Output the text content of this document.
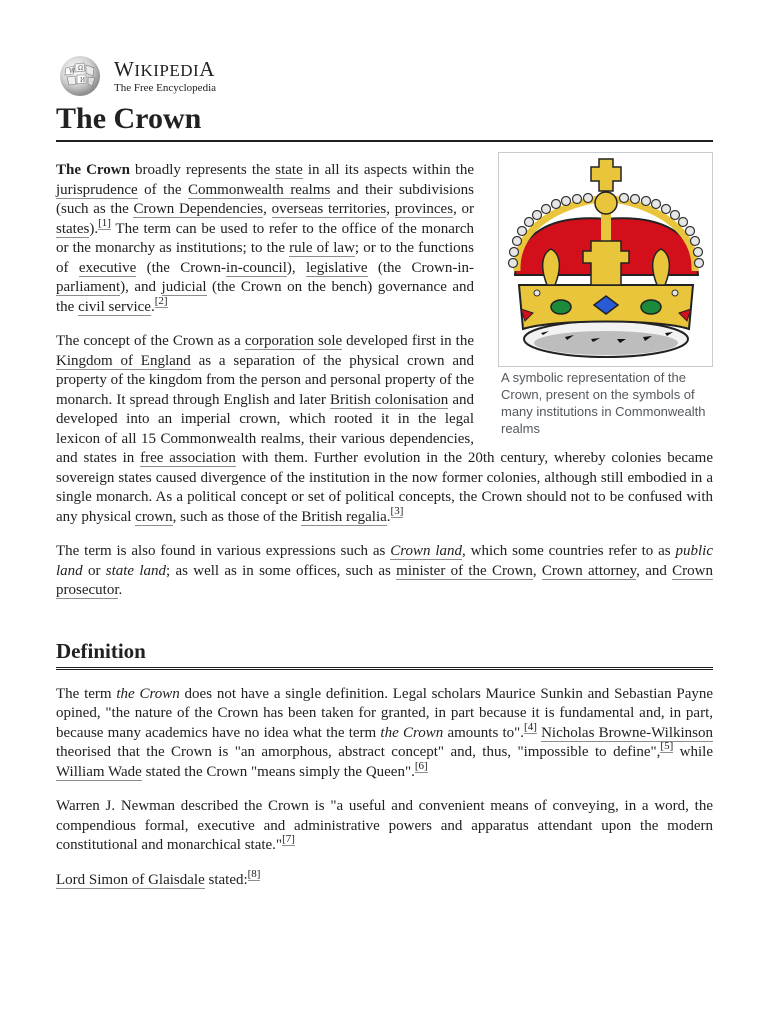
W Ω
И WIKIPEDIA
The Free Encyclopedia
The Crown
A symbolic representation of the Crown, present on the symbols of many institutions in Commonwealth realms

The Crown broadly represents the state in all its aspects within the jurisprudence of the Commonwealth realms and their subdivisions (such as the Crown Dependencies, overseas territories, provinces, or states).[1] The term can be used to refer to the office of the monarch or the monarchy as institutions; to the rule of law; or to the functions of executive (the Crown-in-council), legislative (the Crown-in-parliament), and judicial (the Crown on the bench) governance and the civil service.[2]

The concept of the Crown as a corporation sole developed first in the Kingdom of England as a separation of the physical crown and property of the kingdom from the person and personal property of the monarch. It spread through English and later British colonisation and developed into an imperial crown, which rooted it in the legal lexicon of all 15 Commonwealth realms, their various dependencies, and states in free association with them. Further evolution in the 20th century, whereby colonies became sovereign states caused divergence of the institution in the now former colonies, although still embodied in a single monarch. As a political concept or set of political concepts, the Crown should not to be confused with any physical crown, such as those of the British regalia.[3]

The term is also found in various expressions such as Crown land, which some countries refer to as public land or state land; as well as in some offices, such as minister of the Crown, Crown attorney, and Crown prosecutor.

Definition

The term the Crown does not have a single definition. Legal scholars Maurice Sunkin and Sebastian Payne opined, "the nature of the Crown has been taken for granted, in part because it is fundamental and, in part, because many academics have no idea what the term the Crown amounts to".[4] Nicholas Browne-Wilkinson theorised that the Crown is "an amorphous, abstract concept" and, thus, "impossible to define",[5] while William Wade stated the Crown "means simply the Queen".[6]

Warren J. Newman described the Crown is "a useful and convenient means of conveying, in a word, the compendious formal, executive and administrative powers and apparatus attendant upon the modern constitutional and monarchical state."[7]

Lord Simon of Glaisdale stated:[8]
